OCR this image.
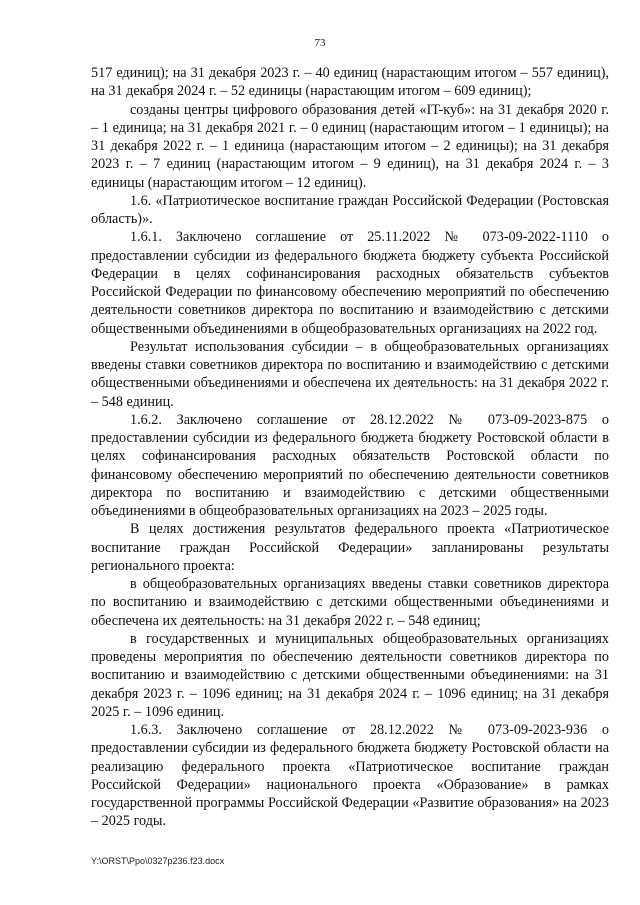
73

517 единиц); на 31 декабря 2023 г. – 40 единиц (нарастающим итогом – 557 единиц), на 31 декабря 2024 г. – 52 единицы (нарастающим итогом – 609 единиц);

созданы центры цифрового образования детей «IT-куб»: на 31 декабря 2020 г. – 1 единица; на 31 декабря 2021 г. – 0 единиц (нарастающим итогом – 1 единицы); на 31 декабря 2022 г. – 1 единица (нарастающим итогом – 2 единицы); на 31 декабря 2023 г. – 7 единиц (нарастающим итогом – 9 единиц), на 31 декабря 2024 г. – 3 единицы (нарастающим итогом – 12 единиц).

1.6. «Патриотическое воспитание граждан Российской Федерации (Ростовская область)».

1.6.1. Заключено соглашение от 25.11.2022 № 073-09-2022-1110 о предоставлении субсидии из федерального бюджета бюджету субъекта Российской Федерации в целях софинансирования расходных обязательств субъектов Российской Федерации по финансовому обеспечению мероприятий по обеспечению деятельности советников директора по воспитанию и взаимодействию с детскими общественными объединениями в общеобразовательных организациях на 2022 год.

Результат использования субсидии – в общеобразовательных организациях введены ставки советников директора по воспитанию и взаимодействию с детскими общественными объединениями и обеспечена их деятельность: на 31 декабря 2022 г. – 548 единиц.

1.6.2. Заключено соглашение от 28.12.2022 № 073-09-2023-875 о предоставлении субсидии из федерального бюджета бюджету Ростовской области в целях софинансирования расходных обязательств Ростовской области по финансовому обеспечению мероприятий по обеспечению деятельности советников директора по воспитанию и взаимодействию с детскими общественными объединениями в общеобразовательных организациях на 2023 – 2025 годы.

В целях достижения результатов федерального проекта «Патриотическое воспитание граждан Российской Федерации» запланированы результаты регионального проекта:

в общеобразовательных организациях введены ставки советников директора по воспитанию и взаимодействию с детскими общественными объединениями и обеспечена их деятельность: на 31 декабря 2022 г. – 548 единиц;

в государственных и муниципальных общеобразовательных организациях проведены мероприятия по обеспечению деятельности советников директора по воспитанию и взаимодействию с детскими общественными объединениями: на 31 декабря 2023 г. – 1096 единиц; на 31 декабря 2024 г. – 1096 единиц; на 31 декабря 2025 г. – 1096 единиц.

1.6.3. Заключено соглашение от 28.12.2022 № 073-09-2023-936 о предоставлении субсидии из федерального бюджета бюджету Ростовской области на реализацию федерального проекта «Патриотическое воспитание граждан Российской Федерации» национального проекта «Образование» в рамках государственной программы Российской Федерации «Развитие образования» на 2023 – 2025 годы.

Y:\ORST\Ppo\0327p236.f23.docx
